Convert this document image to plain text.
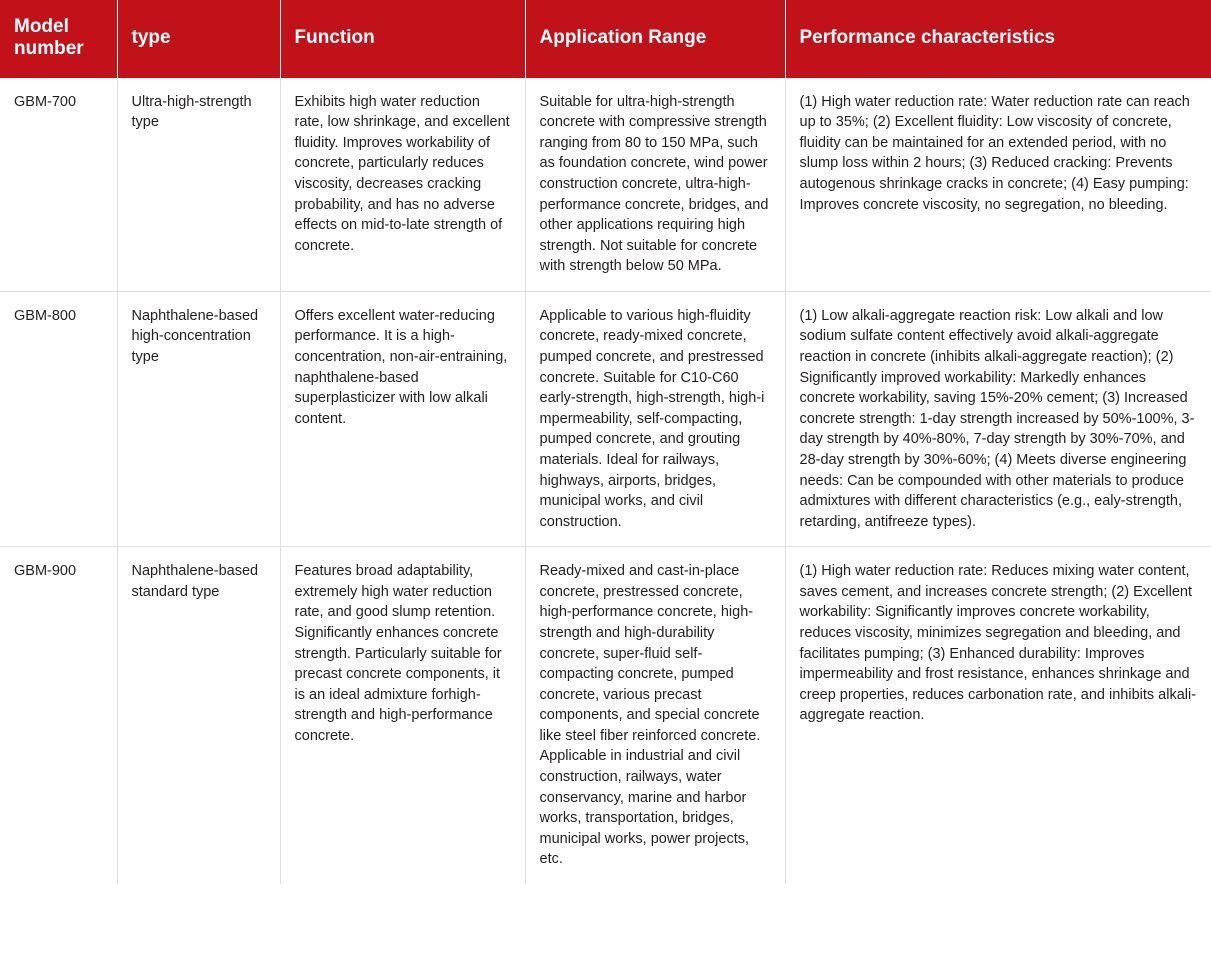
Model number	type	Function	Application Range	Performance characteristics
GBM-700	Ultra-high-strength type	Exhibits high water reduction rate, low shrinkage, and excellent fluidity. Improves workability of concrete, particularly reduces viscosity, decreases cracking probability, and has no adverse effects on mid-to-late strength of concrete.	Suitable for ultra-high-strength concrete with compressive strength ranging from 80 to 150 MPa, such as foundation concrete, wind power construction concrete, ultra-high-performance concrete, bridges, and other applications requiring high strength. Not suitable for concrete with strength below 50 MPa.	(1) High water reduction rate: Water reduction rate can reach up to 35%; (2) Excellent fluidity: Low viscosity of concrete, fluidity can be maintained for an extended period, with no slump loss within 2 hours; (3) Reduced cracking: Prevents autogenous shrinkage cracks in concrete; (4) Easy pumping: Improves concrete viscosity, no segregation, no bleeding.
GBM-800	Naphthalene-based high-concentration type	Offers excellent water-reducing performance. It is a high-concentration, non-air-entraining, naphthalene-based superplasticizer with low alkali content.	Applicable to various high-fluidity concrete, ready-mixed concrete, pumped concrete, and prestressed concrete. Suitable for C10-C60 early-strength, high-strength, high-i mpermeability, self-compacting, pumped concrete, and grouting materials. Ideal for railways, highways, airports, bridges, municipal works, and civil construction.	(1) Low alkali-aggregate reaction risk: Low alkali and low sodium sulfate content effectively avoid alkali-aggregate reaction in concrete (inhibits alkali-aggregate reaction); (2) Significantly improved workability: Markedly enhances concrete workability, saving 15%-20% cement; (3) Increased concrete strength: 1-day strength increased by 50%-100%, 3-day strength by 40%-80%, 7-day strength by 30%-70%, and 28-day strength by 30%-60%; (4) Meets diverse engineering needs: Can be compounded with other materials to produce admixtures with different characteristics (e.g., ealy-strength, retarding, antifreeze types).
GBM-900	Naphthalene-based standard type	Features broad adaptability, extremely high water reduction rate, and good slump retention. Significantly enhances concrete strength. Particularly suitable for precast concrete components, it is an ideal admixture forhigh-strength and high-performance concrete.	Ready-mixed and cast-in-place concrete, prestressed concrete, high-performance concrete, high-strength and high-durability concrete, super-fluid self-compacting concrete, pumped concrete, various precast components, and special concrete like steel fiber reinforced concrete. Applicable in industrial and civil construction, railways, water conservancy, marine and harbor works, transportation, bridges, municipal works, power projects, etc.	(1) High water reduction rate: Reduces mixing water content, saves cement, and increases concrete strength; (2) Excellent workability: Significantly improves concrete workability, reduces viscosity, minimizes segregation and bleeding, and facilitates pumping; (3) Enhanced durability: Improves impermeability and frost resistance, enhances shrinkage and creep properties, reduces carbonation rate, and inhibits alkali-aggregate reaction.
